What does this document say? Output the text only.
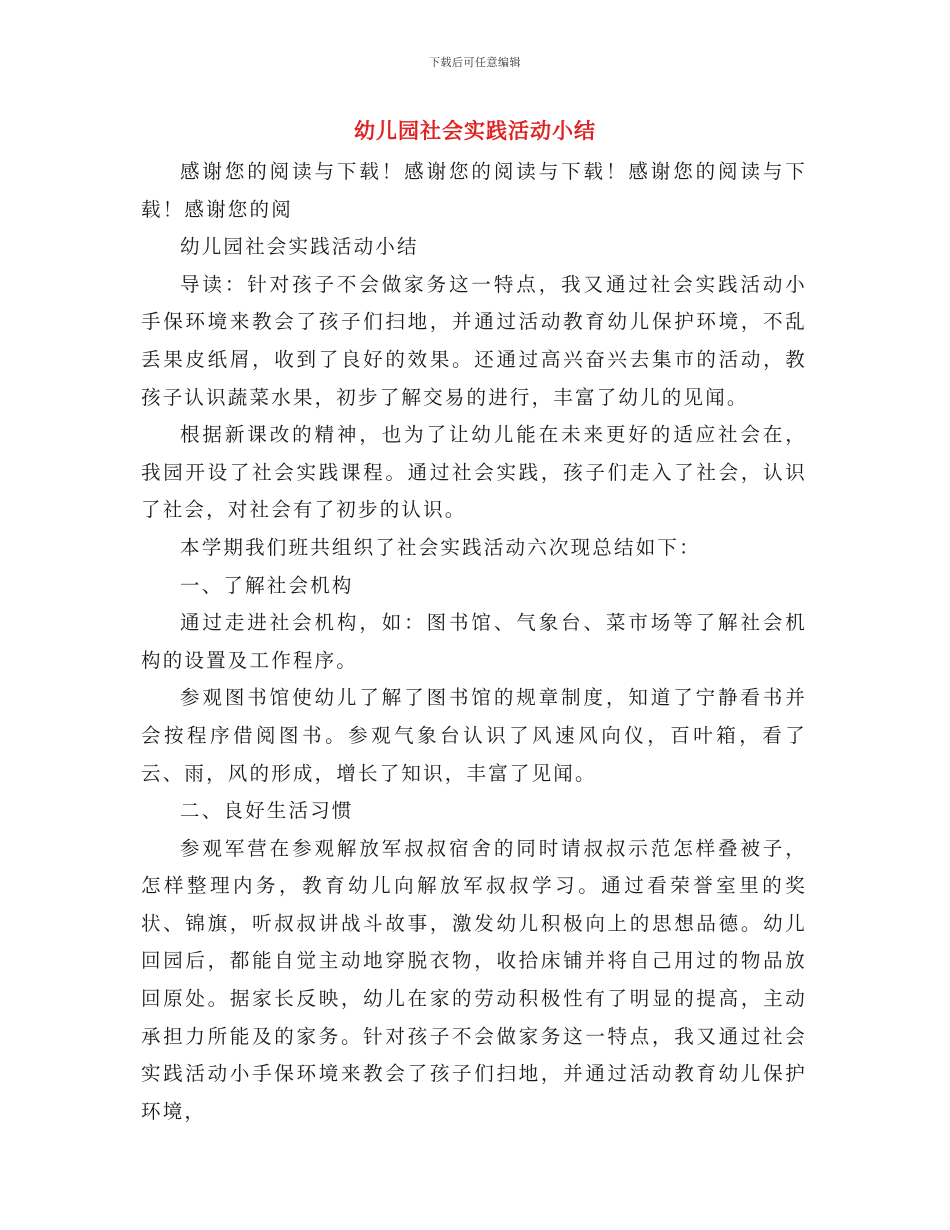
下载后可任意编辑
幼儿园社会实践活动小结

感谢您的阅读与下载！感谢您的阅读与下载！感谢您的阅读与下载！感谢您的阅

幼儿园社会实践活动小结

导读：针对孩子不会做家务这一特点，我又通过社会实践活动小手保环境来教会了孩子们扫地，并通过活动教育幼儿保护环境，不乱丢果皮纸屑，收到了良好的效果。还通过高兴奋兴去集市的活动，教孩子认识蔬菜水果，初步了解交易的进行，丰富了幼儿的见闻。

根据新课改的精神，也为了让幼儿能在未来更好的适应社会在，我园开设了社会实践课程。通过社会实践，孩子们走入了社会，认识了社会，对社会有了初步的认识。

本学期我们班共组织了社会实践活动六次现总结如下：

一、了解社会机构

通过走进社会机构，如：图书馆、气象台、菜市场等了解社会机构的设置及工作程序。

参观图书馆使幼儿了解了图书馆的规章制度，知道了宁静看书并会按程序借阅图书。参观气象台认识了风速风向仪，百叶箱，看了云、雨，风的形成，增长了知识，丰富了见闻。

二、良好生活习惯

参观军营在参观解放军叔叔宿舍的同时请叔叔示范怎样叠被子，怎样整理内务，教育幼儿向解放军叔叔学习。通过看荣誉室里的奖状、锦旗，听叔叔讲战斗故事，激发幼儿积极向上的思想品德。幼儿回园后，都能自觉主动地穿脱衣物，收拾床铺并将自己用过的物品放回原处。据家长反映，幼儿在家的劳动积极性有了明显的提高，主动承担力所能及的家务。针对孩子不会做家务这一特点，我又通过社会实践活动小手保环境来教会了孩子们扫地，并通过活动教育幼儿保护环境，
